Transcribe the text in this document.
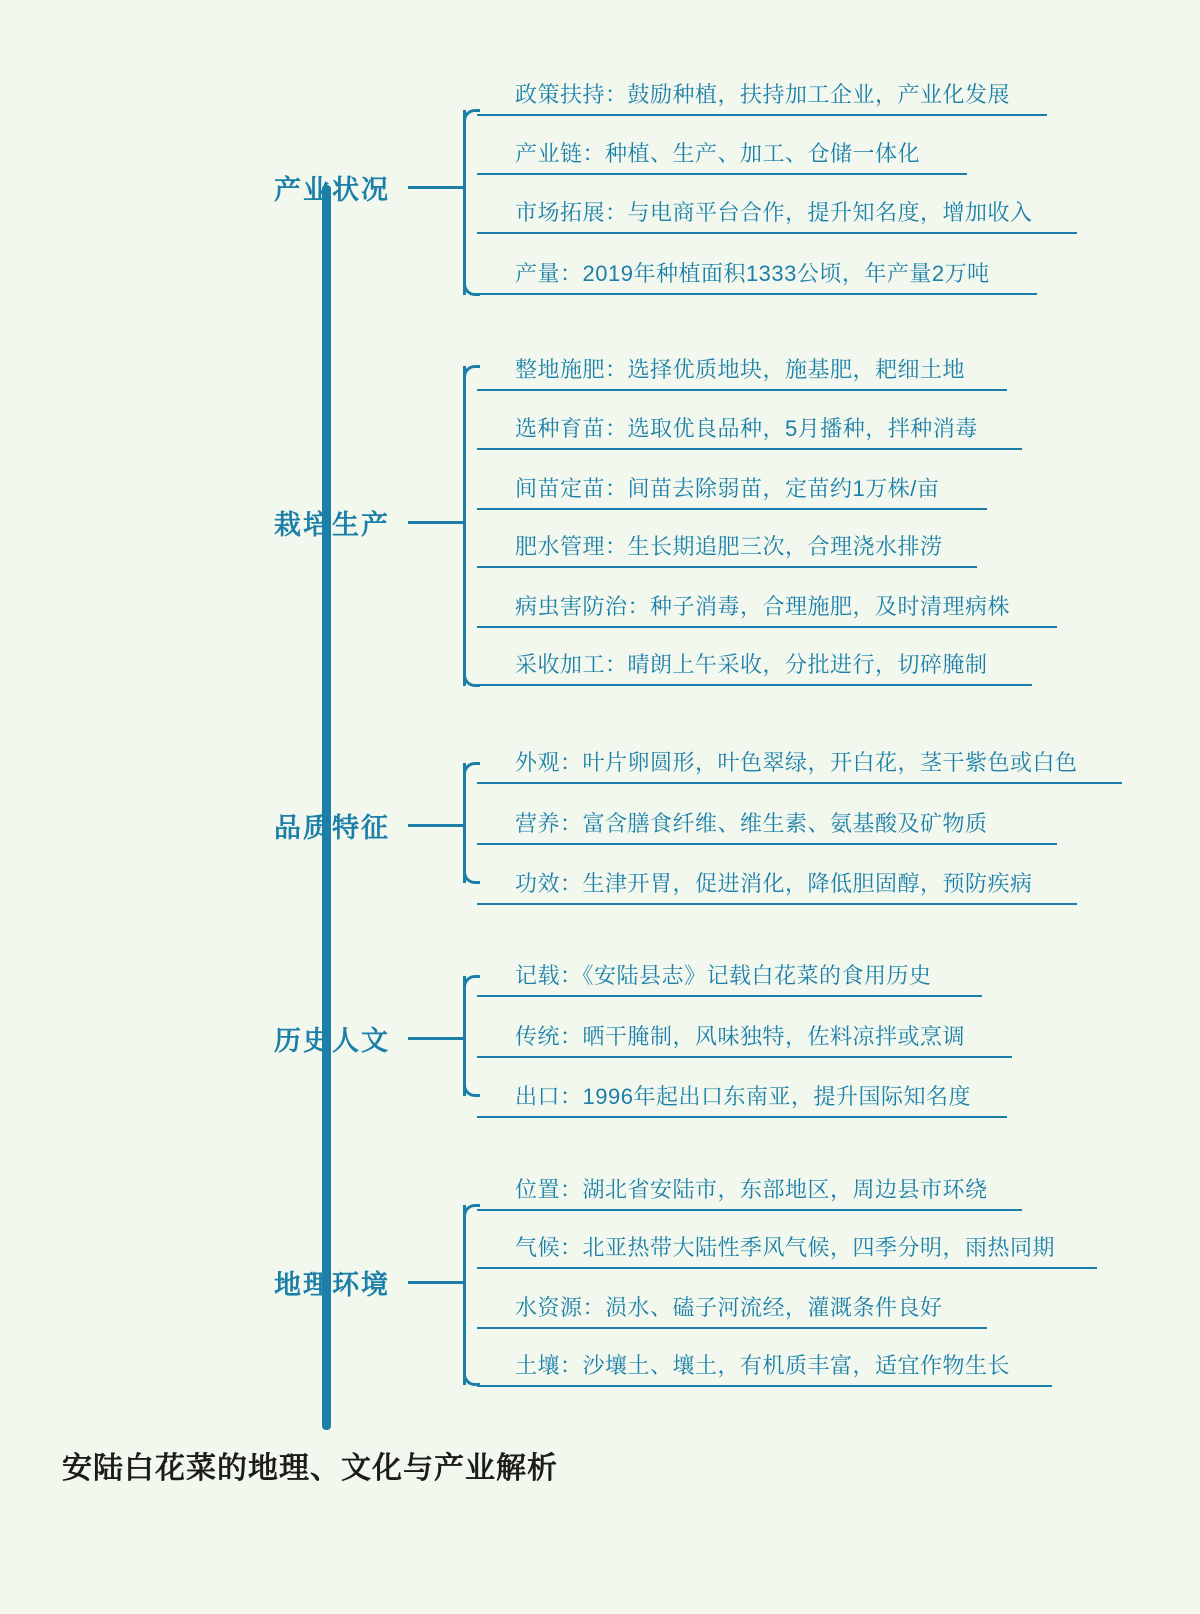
产业状况
政策扶持：鼓励种植，扶持加工企业，产业化发展
产业链：种植、生产、加工、仓储一体化
市场拓展：与电商平台合作，提升知名度，增加收入
产量：2019年种植面积1333公顷，年产量2万吨
栽培生产
整地施肥：选择优质地块，施基肥，耙细土地
选种育苗：选取优良品种，5月播种，拌种消毒
间苗定苗：间苗去除弱苗，定苗约1万株/亩
肥水管理：生长期追肥三次，合理浇水排涝
病虫害防治：种子消毒，合理施肥，及时清理病株
采收加工：晴朗上午采收，分批进行，切碎腌制
品质特征
外观：叶片卵圆形，叶色翠绿，开白花，茎干紫色或白色
营养：富含膳食纤维、维生素、氨基酸及矿物质
功效：生津开胃，促进消化，降低胆固醇，预防疾病
历史人文
记载：《安陆县志》记载白花菜的食用历史
传统：晒干腌制，风味独特，佐料凉拌或烹调
出口：1996年起出口东南亚，提升国际知名度
地理环境
位置：湖北省安陆市，东部地区，周边县市环绕
气候：北亚热带大陆性季风气候，四季分明，雨热同期
水资源：涢水、磕子河流经，灌溉条件良好
土壤：沙壤土、壤土，有机质丰富，适宜作物生长
安陆白花菜的地理、文化与产业解析
